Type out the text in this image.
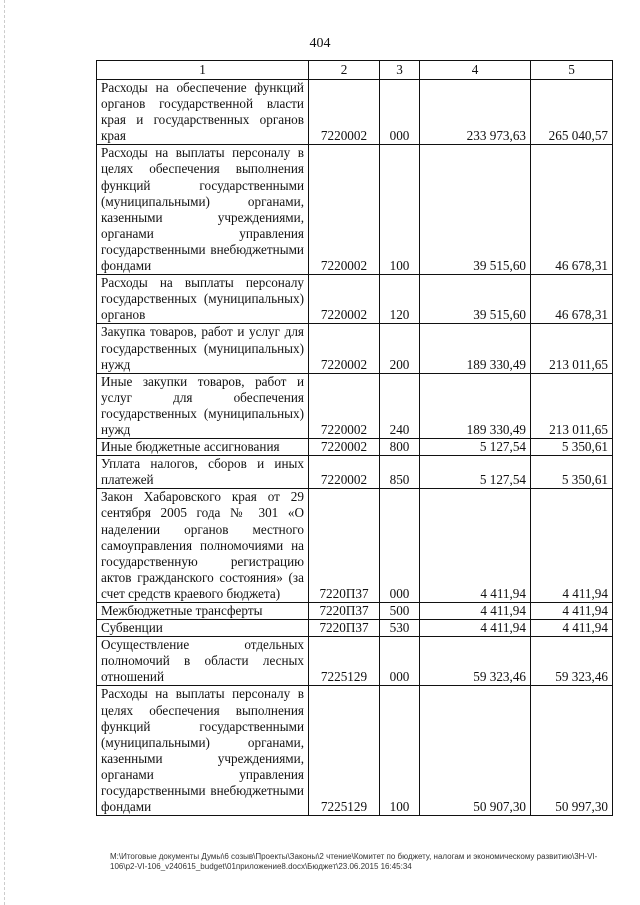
404
1	2	3	4	5
Расходы на обеспечение функций органов государственной власти края и государственных органов края	7220002	000	233 973,63	265 040,57
Расходы на выплаты персоналу в целях обеспечения выполнения функций государственными (муниципальными) органами, казенными учреждениями, органами управления государственными внебюджетными фондами	7220002	100	39 515,60	46 678,31
Расходы на выплаты персоналу государственных (муниципальных) органов	7220002	120	39 515,60	46 678,31
Закупка товаров, работ и услуг для государственных (муниципальных) нужд	7220002	200	189 330,49	213 011,65
Иные закупки товаров, работ и услуг для обеспечения государственных (муниципальных) нужд	7220002	240	189 330,49	213 011,65
Иные бюджетные ассигнования	7220002	800	5 127,54	5 350,61
Уплата налогов, сборов и иных платежей	7220002	850	5 127,54	5 350,61
Закон Хабаровского края от 29 сентября 2005 года № 301 «О наделении органов местного самоуправления полномочиями на государственную регистрацию актов гражданского состояния» (за счет средств краевого бюджета)	7220П37	000	4 411,94	4 411,94
Межбюджетные трансферты	7220П37	500	4 411,94	4 411,94
Субвенции	7220П37	530	4 411,94	4 411,94
Осуществление отдельных полномочий в области лесных отношений	7225129	000	59 323,46	59 323,46
Расходы на выплаты персоналу в целях обеспечения выполнения функций государственными (муниципальными) органами, казенными учреждениями, органами управления государственными внебюджетными фондами	7225129	100	50 907,30	50 997,30
M:\Итоговые документы Думы\6 созыв\Проекты\Законы\2 чтение\Комитет по бюджету, налогам и экономическому развитию\3Н-VI-106\р2-VI-106_v240615_budget\01приложение8.docx\Бюджет\23.06.2015 16:45:34
